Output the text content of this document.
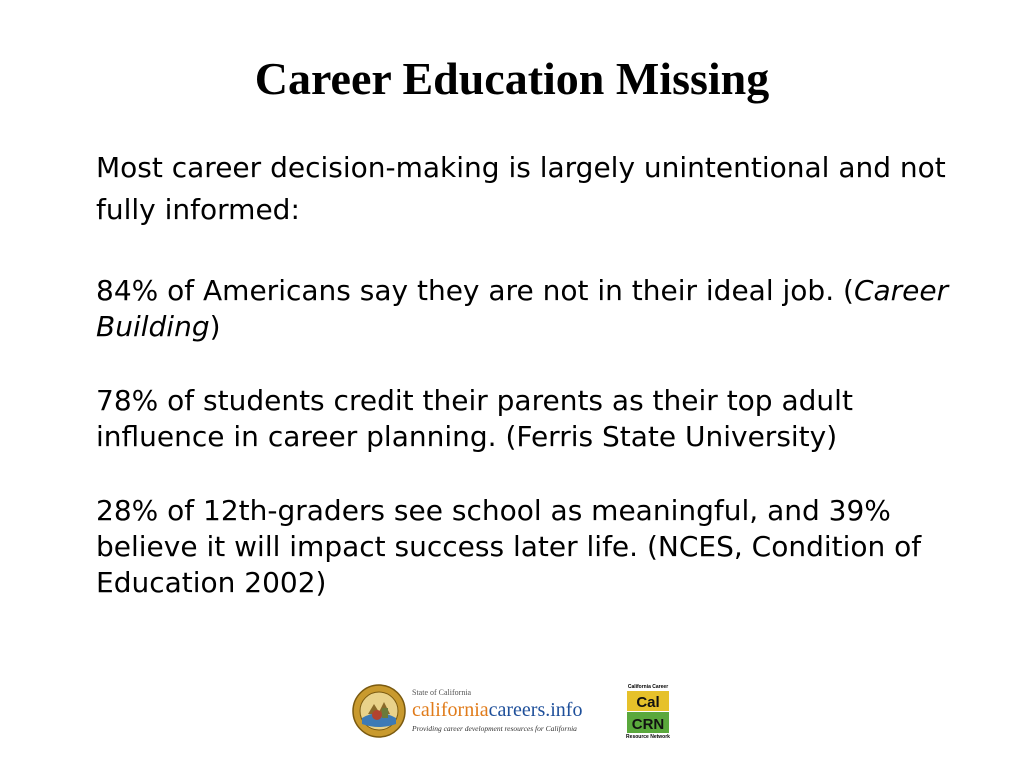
Career Education Missing

Most career decision-making is largely unintentional and not fully informed:

84% of Americans say they are not in their ideal job. (Career Building)

78% of students credit their parents as their top adult influence in career planning. (Ferris State University)

28% of 12th-graders see school as meaningful, and 39% believe it will impact success later life. (NCES, Condition of Education 2002)

State of California
californiacareers.info
Providing career development resources for California
California Career
Cal
CRN
Resource Network
